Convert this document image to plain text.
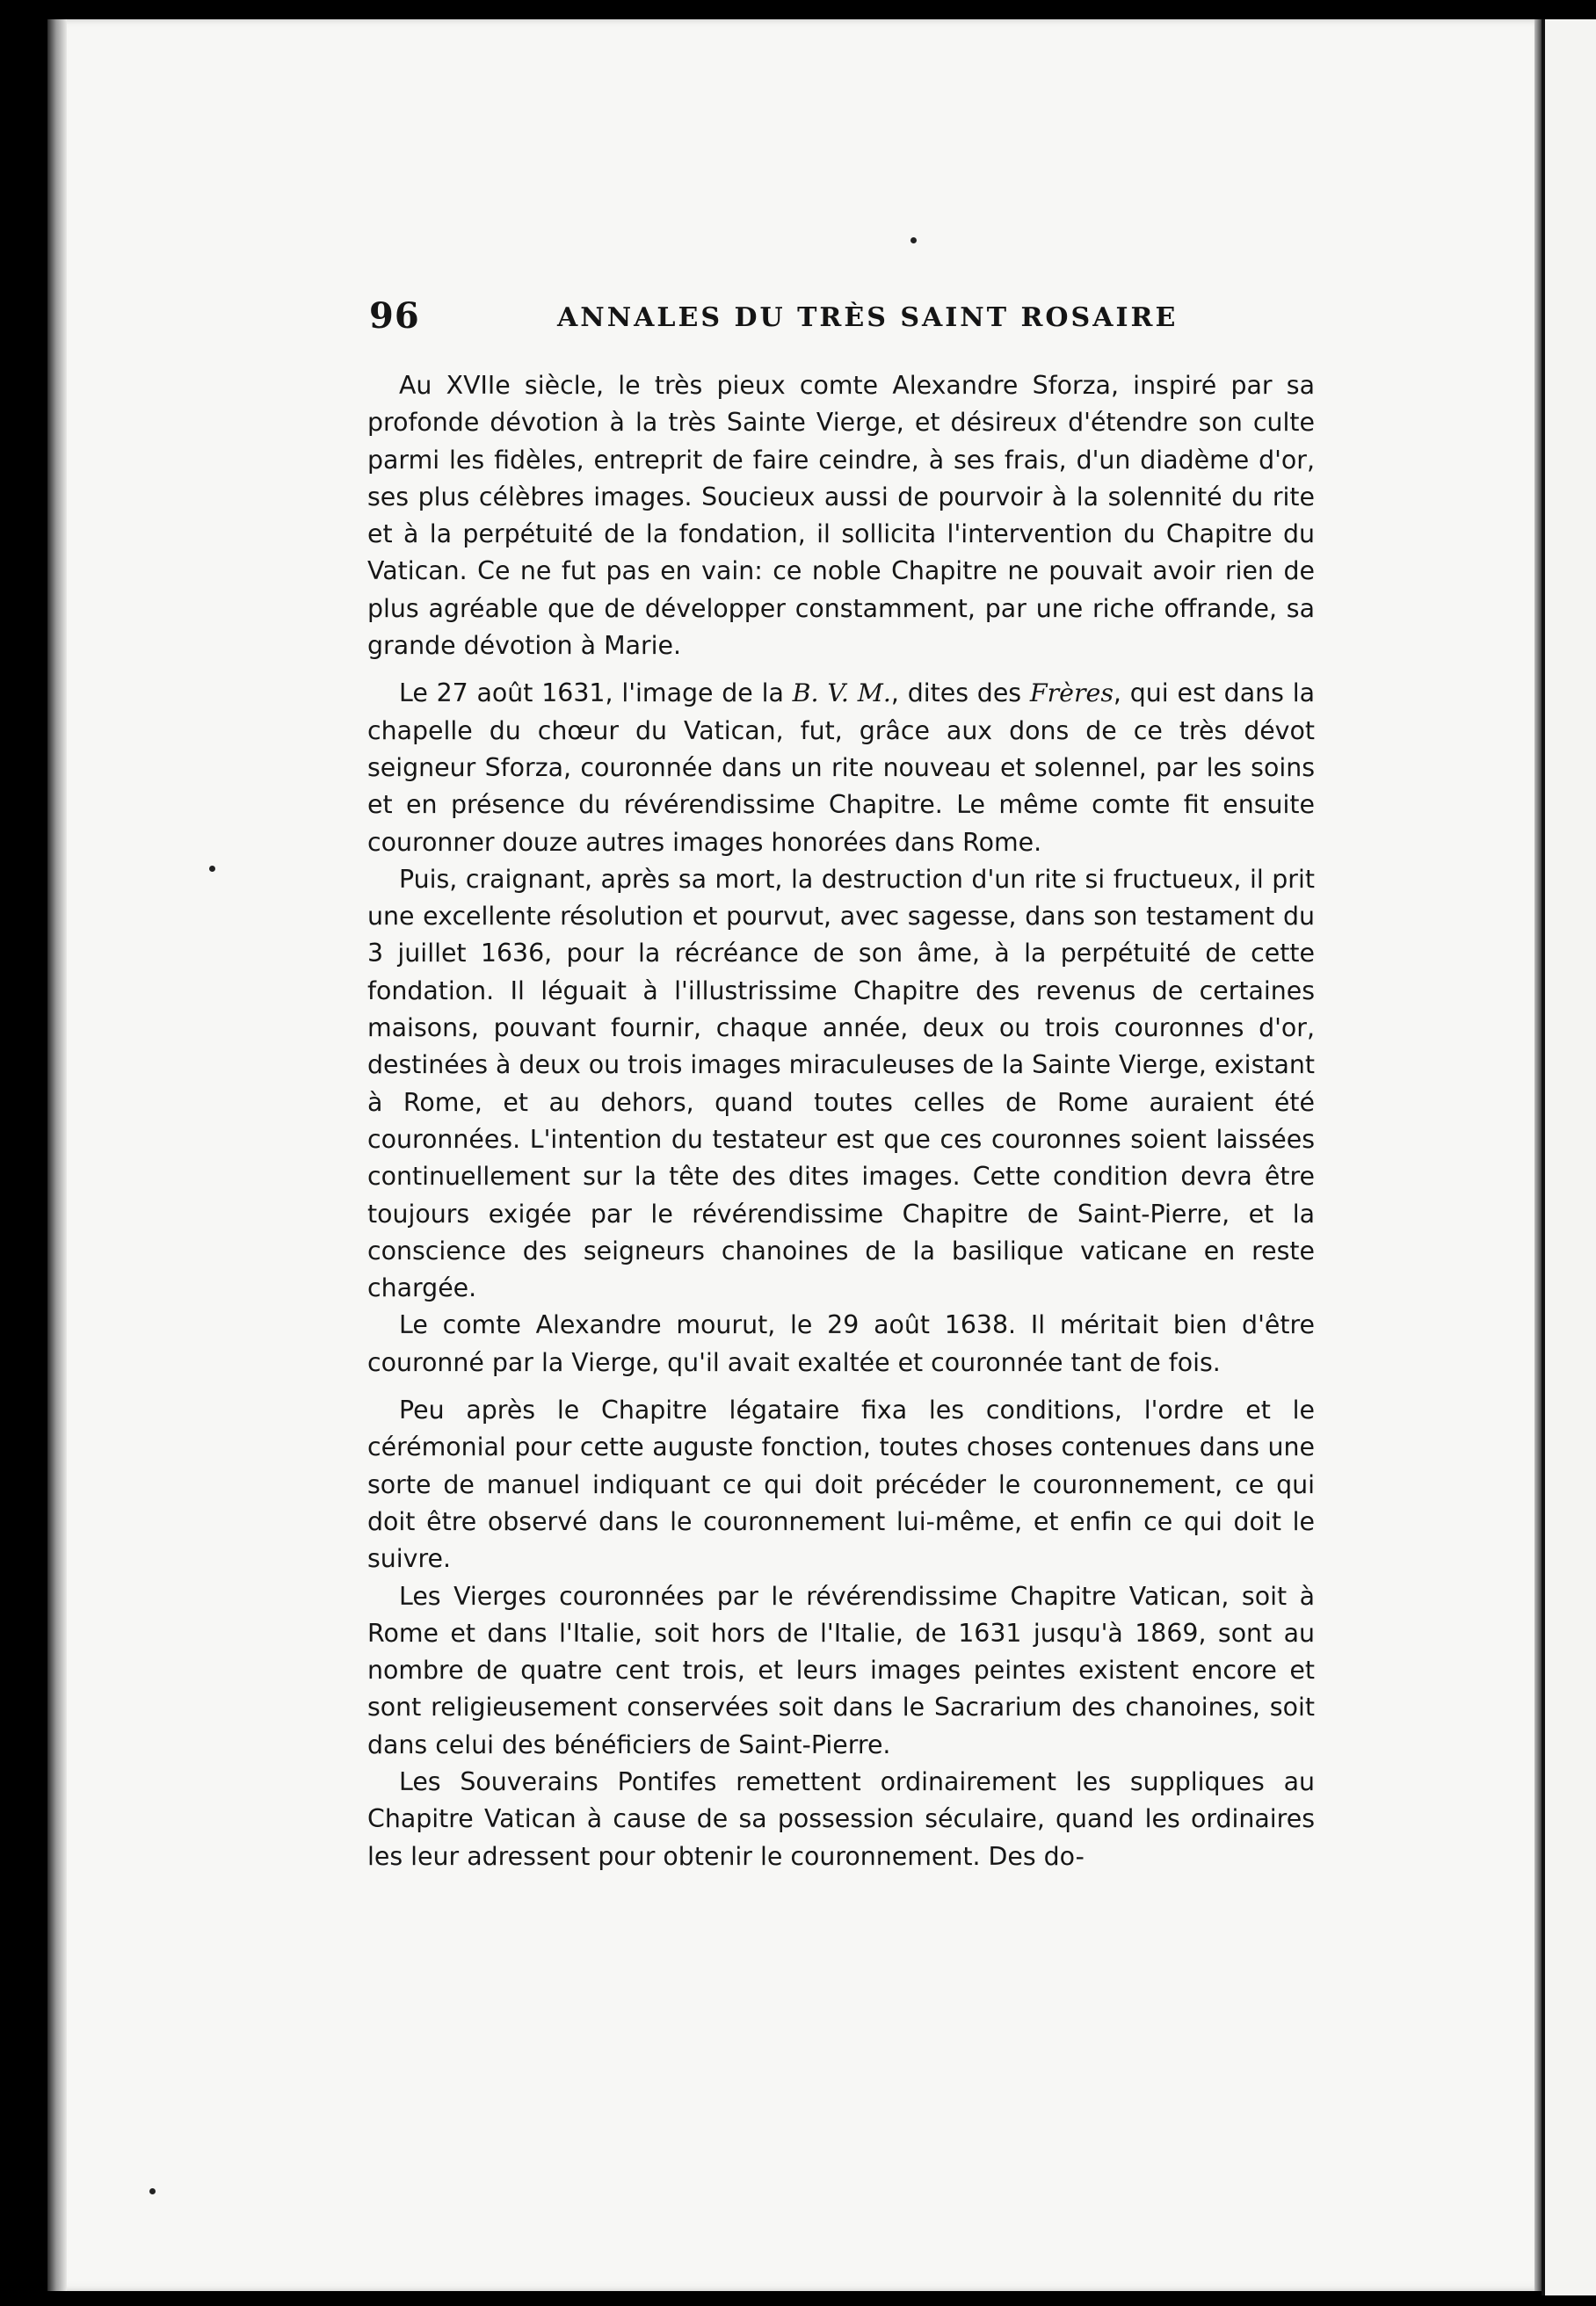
96	ANNALES DU TRÈS SAINT ROSAIRE

Au XVIIe siècle, le très pieux comte Alexandre Sforza, inspiré par sa profonde dévotion à la très Sainte Vierge, et désireux d'étendre son culte parmi les fidèles, entreprit de faire ceindre, à ses frais, d'un diadème d'or, ses plus célèbres images. Soucieux aussi de pourvoir à la solennité du rite et à la perpétuité de la fondation, il sollicita l'intervention du Chapitre du Vatican. Ce ne fut pas en vain: ce noble Chapitre ne pouvait avoir rien de plus agréable que de développer constamment, par une riche offrande, sa grande dévotion à Marie.

Le 27 août 1631, l'image de la B. V. M., dites des Frères, qui est dans la chapelle du chœur du Vatican, fut, grâce aux dons de ce très dévot seigneur Sforza, couronnée dans un rite nouveau et solennel, par les soins et en présence du révérendissime Chapitre. Le même comte fit ensuite couronner douze autres images honorées dans Rome.

Puis, craignant, après sa mort, la destruction d'un rite si fructueux, il prit une excellente résolution et pourvut, avec sagesse, dans son testament du 3 juillet 1636, pour la récréance de son âme, à la perpétuité de cette fondation. Il léguait à l'illustrissime Chapitre des revenus de certaines maisons, pouvant fournir, chaque année, deux ou trois couronnes d'or, destinées à deux ou trois images miraculeuses de la Sainte Vierge, existant à Rome, et au dehors, quand toutes celles de Rome auraient été couronnées. L'intention du testateur est que ces couronnes soient laissées continuellement sur la tête des dites images. Cette condition devra être toujours exigée par le révérendissime Chapitre de Saint-Pierre, et la conscience des seigneurs chanoines de la basilique vaticane en reste chargée.

Le comte Alexandre mourut, le 29 août 1638. Il méritait bien d'être couronné par la Vierge, qu'il avait exaltée et couronnée tant de fois.

Peu après le Chapitre légataire fixa les conditions, l'ordre et le cérémonial pour cette auguste fonction, toutes choses contenues dans une sorte de manuel indiquant ce qui doit précéder le couronnement, ce qui doit être observé dans le couronnement lui-même, et enfin ce qui doit le suivre.

Les Vierges couronnées par le révérendissime Chapitre Vatican, soit à Rome et dans l'Italie, soit hors de l'Italie, de 1631 jusqu'à 1869, sont au nombre de quatre cent trois, et leurs images peintes existent encore et sont religieusement conservées soit dans le Sacrarium des chanoines, soit dans celui des bénéficiers de Saint-Pierre.

Les Souverains Pontifes remettent ordinairement les suppliques au Chapitre Vatican à cause de sa possession séculaire, quand les ordinaires les leur adressent pour obtenir le couronnement. Des do-
